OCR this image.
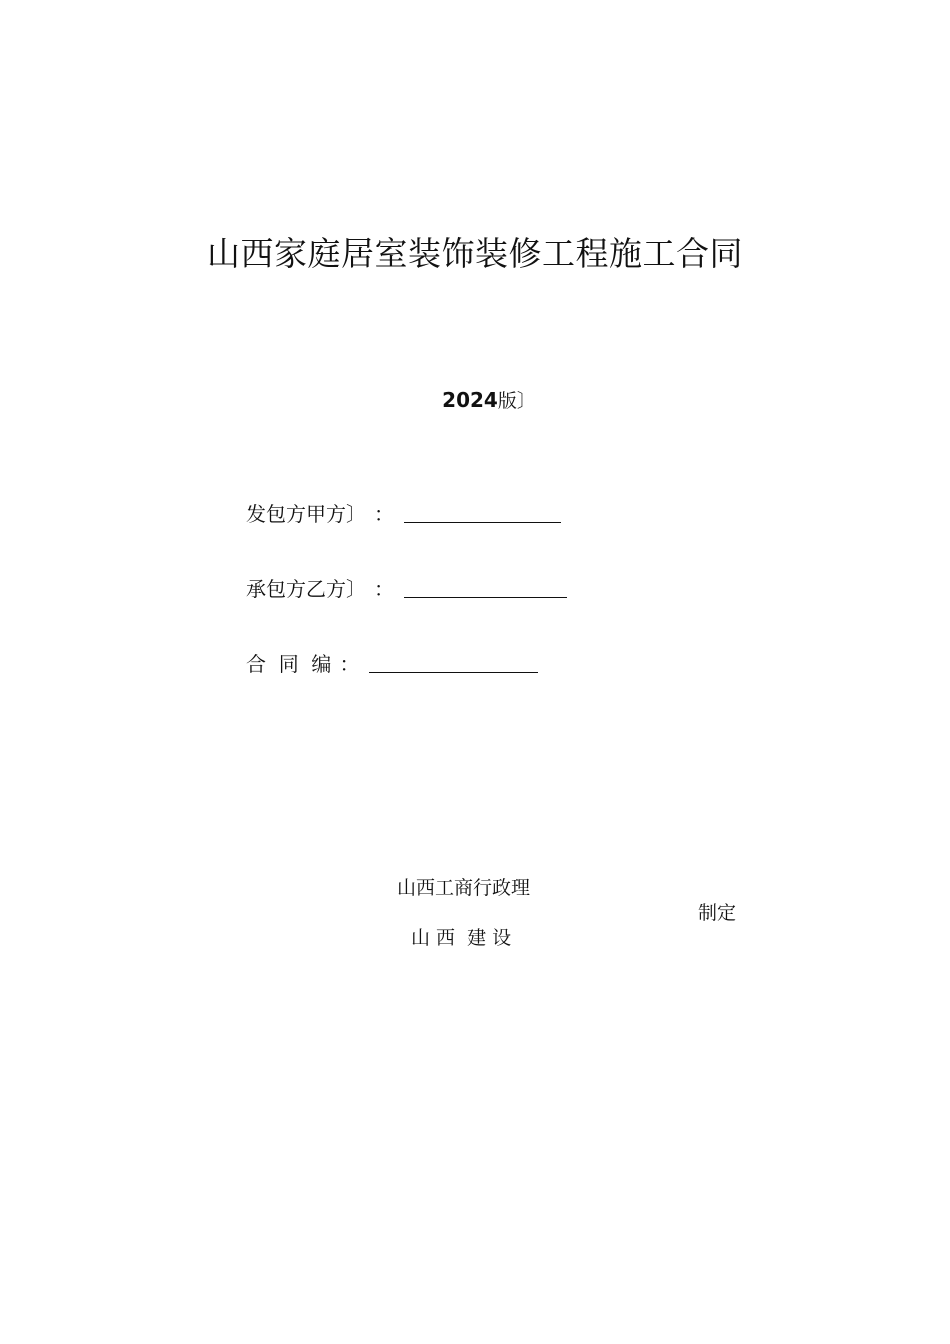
山西家庭居室装饰装修工程施工合同
2024版〕
发包方甲方〕 ：
承包方乙方〕 ：
合  同  编 ：
山西工商行政理
山 西  建 设
制定
